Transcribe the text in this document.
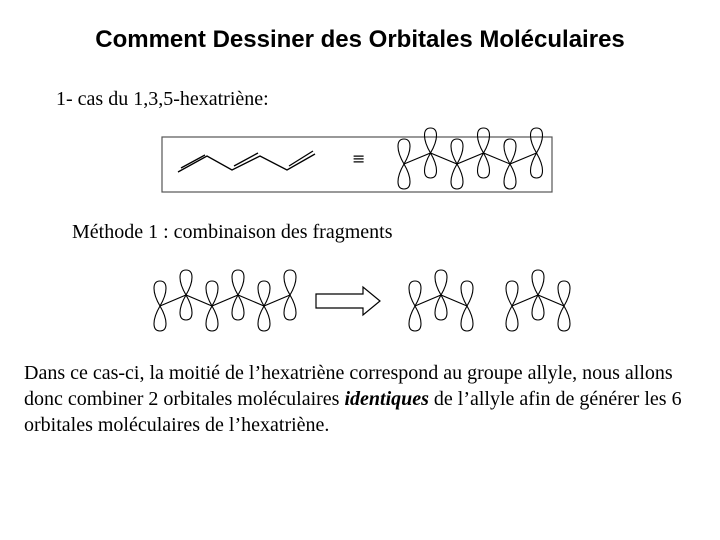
Comment Dessiner des Orbitales Moléculaires
1- cas du 1,3,5-hexatriène:
≡
Méthode 1 : combinaison des fragments
Dans ce cas-ci, la moitié de l’hexatriène correspond au groupe allyle, nous allons donc combiner 2 orbitales moléculaires identiques de l’allyle afin de générer les 6 orbitales moléculaires de l’hexatriène.
